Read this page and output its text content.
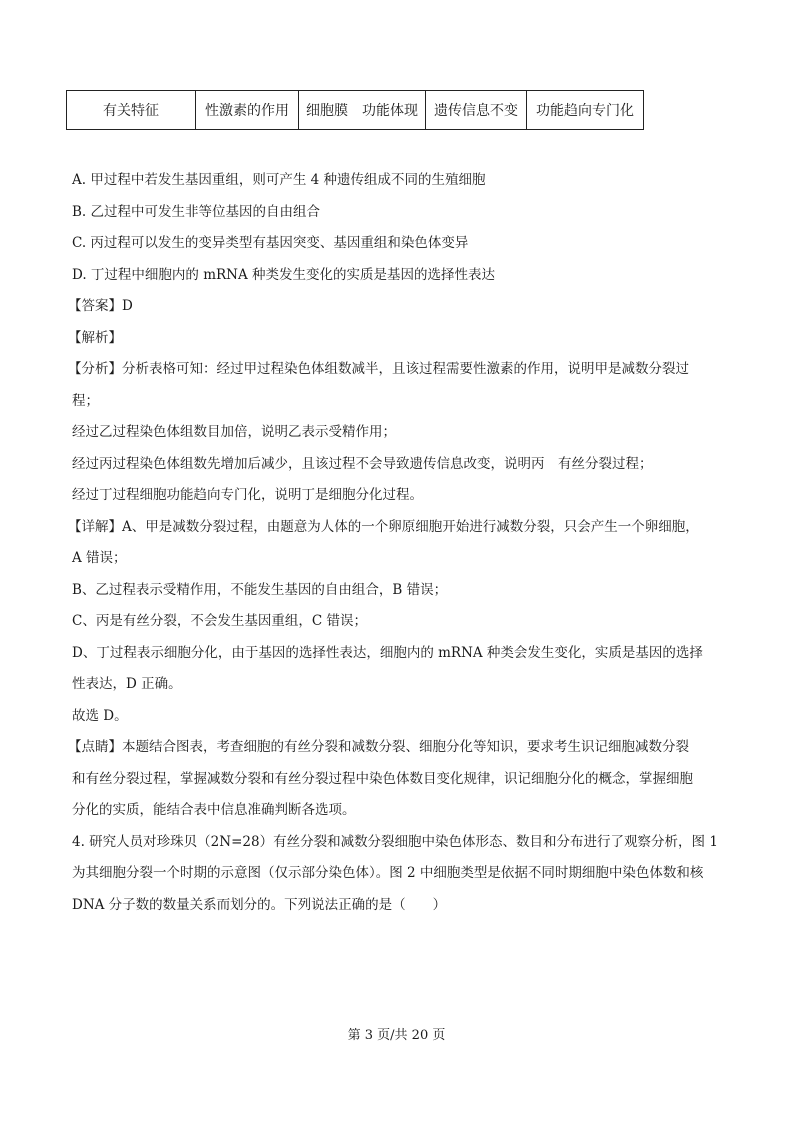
有关特征	性激素的作用	细胞膜　功能体现	遗传信息不变	功能趋向专门化
A. 甲过程中若发生基因重组，则可产生 4 种遗传组成不同的生殖细胞
B. 乙过程中可发生非等位基因的自由组合
C. 丙过程可以发生的变异类型有基因突变、基因重组和染色体变异
D. 丁过程中细胞内的 mRNA 种类发生变化的实质是基因的选择性表达
【答案】D
【解析】
【分析】分析表格可知：经过甲过程染色体组数减半，且该过程需要性激素的作用，说明甲是减数分裂过
程；
经过乙过程染色体组数目加倍，说明乙表示受精作用；
经过丙过程染色体组数先增加后减少，且该过程不会导致遗传信息改变，说明丙　有丝分裂过程；
经过丁过程细胞功能趋向专门化，说明丁是细胞分化过程。
【详解】A、甲是减数分裂过程，由题意为人体的一个卵原细胞开始进行减数分裂，只会产生一个卵细胞，
A 错误；
B、乙过程表示受精作用，不能发生基因的自由组合，B 错误；
C、丙是有丝分裂，不会发生基因重组，C 错误；
D、丁过程表示细胞分化，由于基因的选择性表达，细胞内的 mRNA 种类会发生变化，实质是基因的选择
性表达，D 正确。
故选 D。
【点睛】本题结合图表，考查细胞的有丝分裂和减数分裂、细胞分化等知识，要求考生识记细胞减数分裂
和有丝分裂过程，掌握减数分裂和有丝分裂过程中染色体数目变化规律，识记细胞分化的概念，掌握细胞
分化的实质，能结合表中信息准确判断各选项。
4. 研究人员对珍珠贝（2N=28）有丝分裂和减数分裂细胞中染色体形态、数目和分布进行了观察分析，图 1
为其细胞分裂一个时期的示意图（仅示部分染色体）。图 2 中细胞类型是依据不同时期细胞中染色体数和核
DNA 分子数的数量关系而划分的。下列说法正确的是（　　）
第 3 页/共 20 页
